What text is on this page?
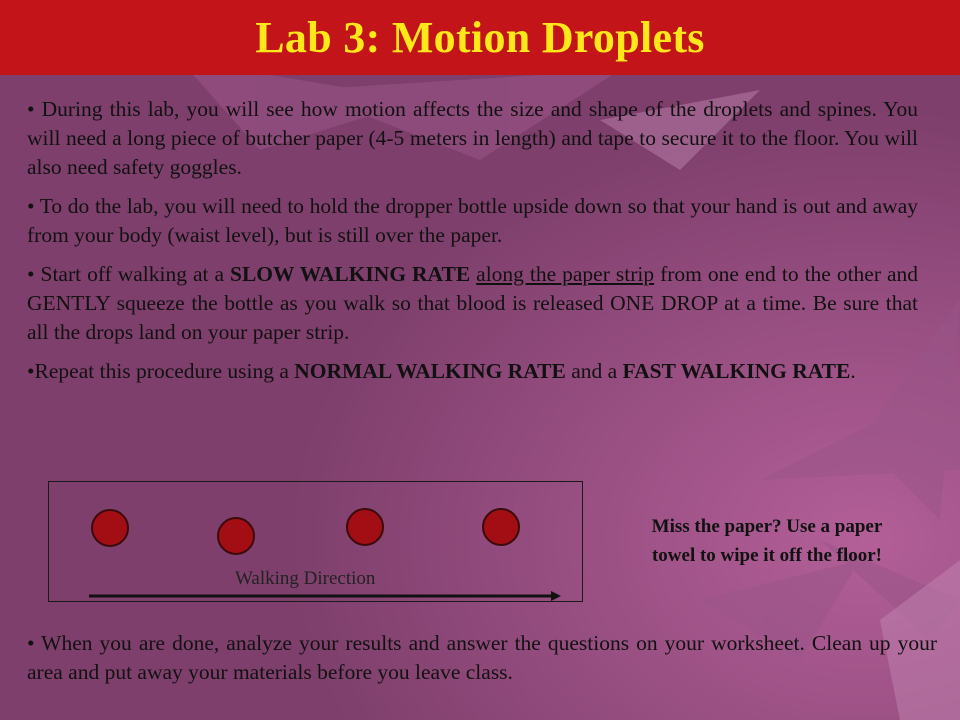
Lab 3: Motion Droplets

• During this lab, you will see how motion affects the size and shape of the droplets and spines. You will need a long piece of butcher paper (4-5 meters in length) and tape to secure it to the floor. You will also need safety goggles.

• To do the lab, you will need to hold the dropper bottle upside down so that your hand is out and away from your body (waist level), but is still over the paper.

• Start off walking at a SLOW WALKING RATE along the paper strip from one end to the other and GENTLY squeeze the bottle as you walk so that blood is released ONE DROP at a time. Be sure that all the drops land on your paper strip.

•Repeat this procedure using a NORMAL WALKING RATE and a FAST WALKING RATE.

Walking Direction
Miss the paper? Use a paper
towel to wipe it off the floor!

• When you are done, analyze your results and answer the questions on your worksheet. Clean up your area and put away your materials before you leave class.
